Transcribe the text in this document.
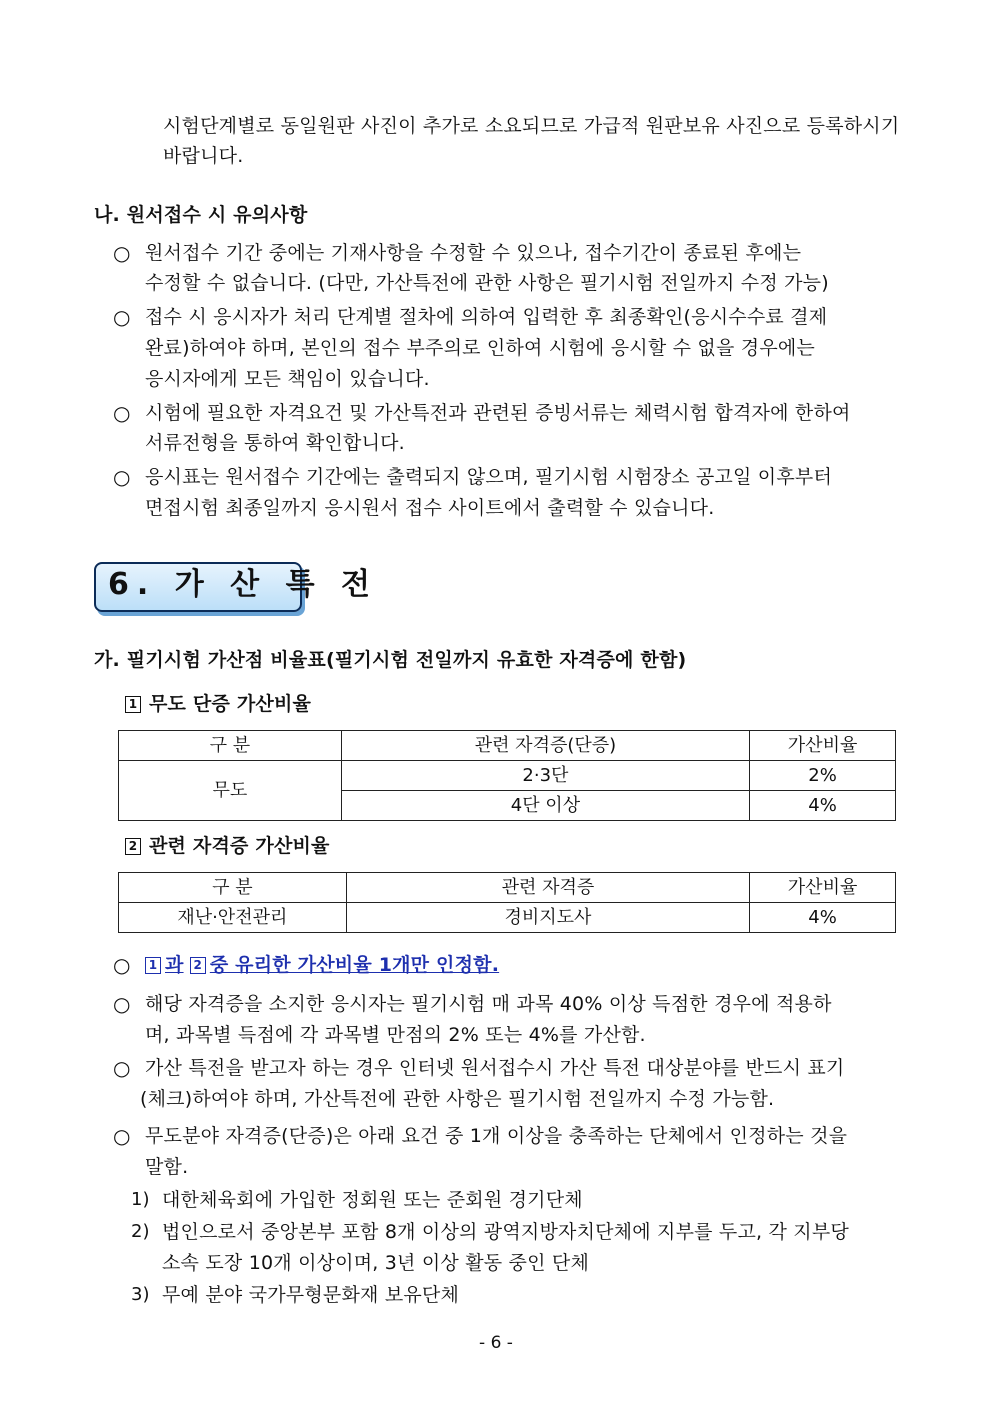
시험단계별로 동일원판 사진이 추가로 소요되므로 가급적 원판보유 사진으로 등록하시기
바랍니다.
나. 원서접수 시 유의사항
○ 원서접수 기간 중에는 기재사항을 수정할 수 있으나, 접수기간이 종료된 후에는
수정할 수 없습니다. (다만, 가산특전에 관한 사항은 필기시험 전일까지 수정 가능)
○ 접수 시 응시자가 처리 단계별 절차에 의하여 입력한 후 최종확인(응시수수료 결제
완료)하여야 하며, 본인의 접수 부주의로 인하여 시험에 응시할 수 없을 경우에는
응시자에게 모든 책임이 있습니다.
○ 시험에 필요한 자격요건 및 가산특전과 관련된 증빙서류는 체력시험 합격자에 한하여
서류전형을 통하여 확인합니다.
○ 응시표는 원서접수 기간에는 출력되지 않으며, 필기시험 시험장소 공고일 이후부터
면접시험 최종일까지 응시원서 접수 사이트에서 출력할 수 있습니다.
6. 가 산 특 전
가. 필기시험 가산점 비율표(필기시험 전일까지 유효한 자격증에 한함)
1 무도 단증 가산비율
구 분	관련 자격증(단증)	가산비율
무도	2·3단	2%
	4단 이상	4%
2 관련 자격증 가산비율
구 분	관련 자격증	가산비율
재난·안전관리	경비지도사	4%
○	1 과 2 중 유리한 가산비율 1개만 인정함.
○ 해당 자격증을 소지한 응시자는 필기시험 매 과목 40% 이상 득점한 경우에 적용하
며, 과목별 득점에 각 과목별 만점의 2% 또는 4%를 가산함.
○ 가산 특전을 받고자 하는 경우 인터넷 원서접수시 가산 특전 대상분야를 반드시 표기
(체크)하여야 하며, 가산특전에 관한 사항은 필기시험 전일까지 수정 가능함.
○ 무도분야 자격증(단증)은 아래 요건 중 1개 이상을 충족하는 단체에서 인정하는 것을
말함.
1) 대한체육회에 가입한 정회원 또는 준회원 경기단체
2) 법인으로서 중앙본부 포함 8개 이상의 광역지방자치단체에 지부를 두고, 각 지부당
소속 도장 10개 이상이며, 3년 이상 활동 중인 단체
3) 무예 분야 국가무형문화재 보유단체
- 6 -
